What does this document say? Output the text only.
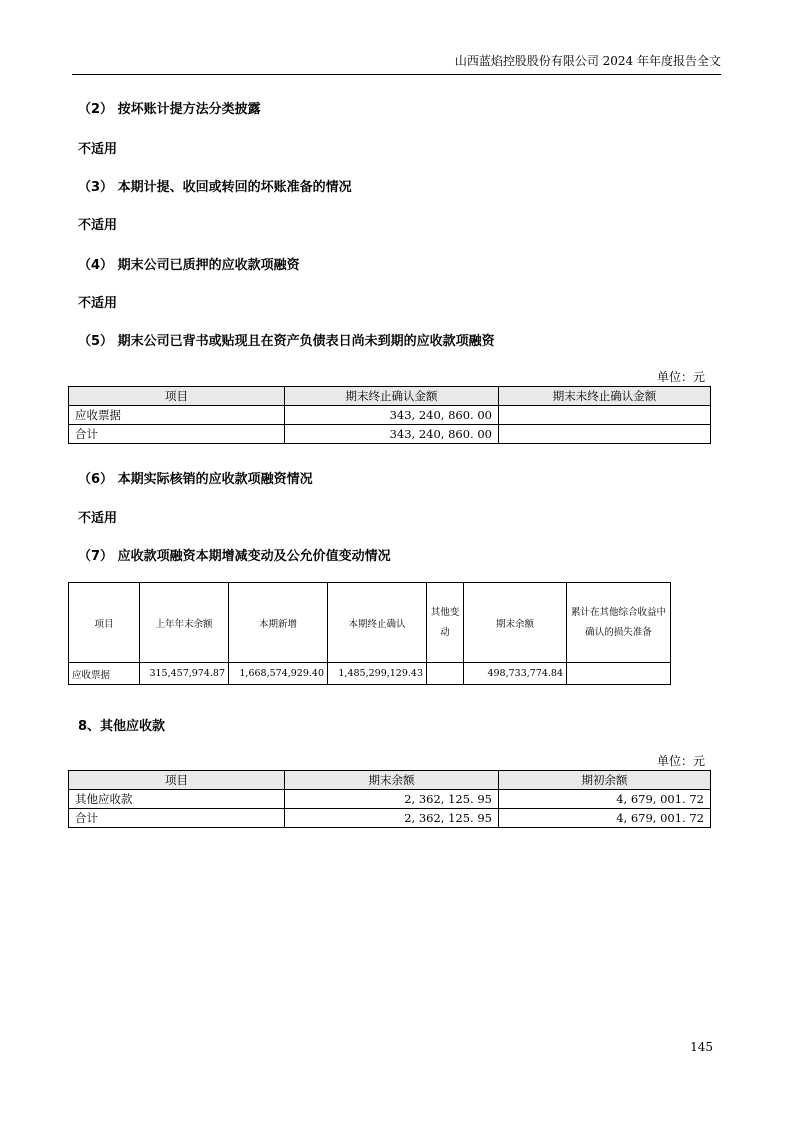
山西蓝焰控股股份有限公司 2024 年年度报告全文
（2） 按坏账计提方法分类披露
不适用
（3） 本期计提、收回或转回的坏账准备的情况
不适用
（4） 期末公司已质押的应收款项融资
不适用
（5） 期末公司已背书或贴现且在资产负债表日尚未到期的应收款项融资
单位：元
项目	期末终止确认金额	期末未终止确认金额
应收票据	343, 240, 860. 00	
合计	343, 240, 860. 00	
（6） 本期实际核销的应收款项融资情况
不适用
（7） 应收款项融资本期增减变动及公允价值变动情况
项目	上年年末余额	本期新增	本期终止确认	其他变动	期末余额	累计在其他综合收益中确认的损失准备
应收票据	315,457,974.87	1,668,574,929.40	1,485,299,129.43		498,733,774.84	
8、其他应收款
单位：元
项目	期末余额	期初余额
其他应收款	2, 362, 125. 95	4, 679, 001. 72
合计	2, 362, 125. 95	4, 679, 001. 72
145
